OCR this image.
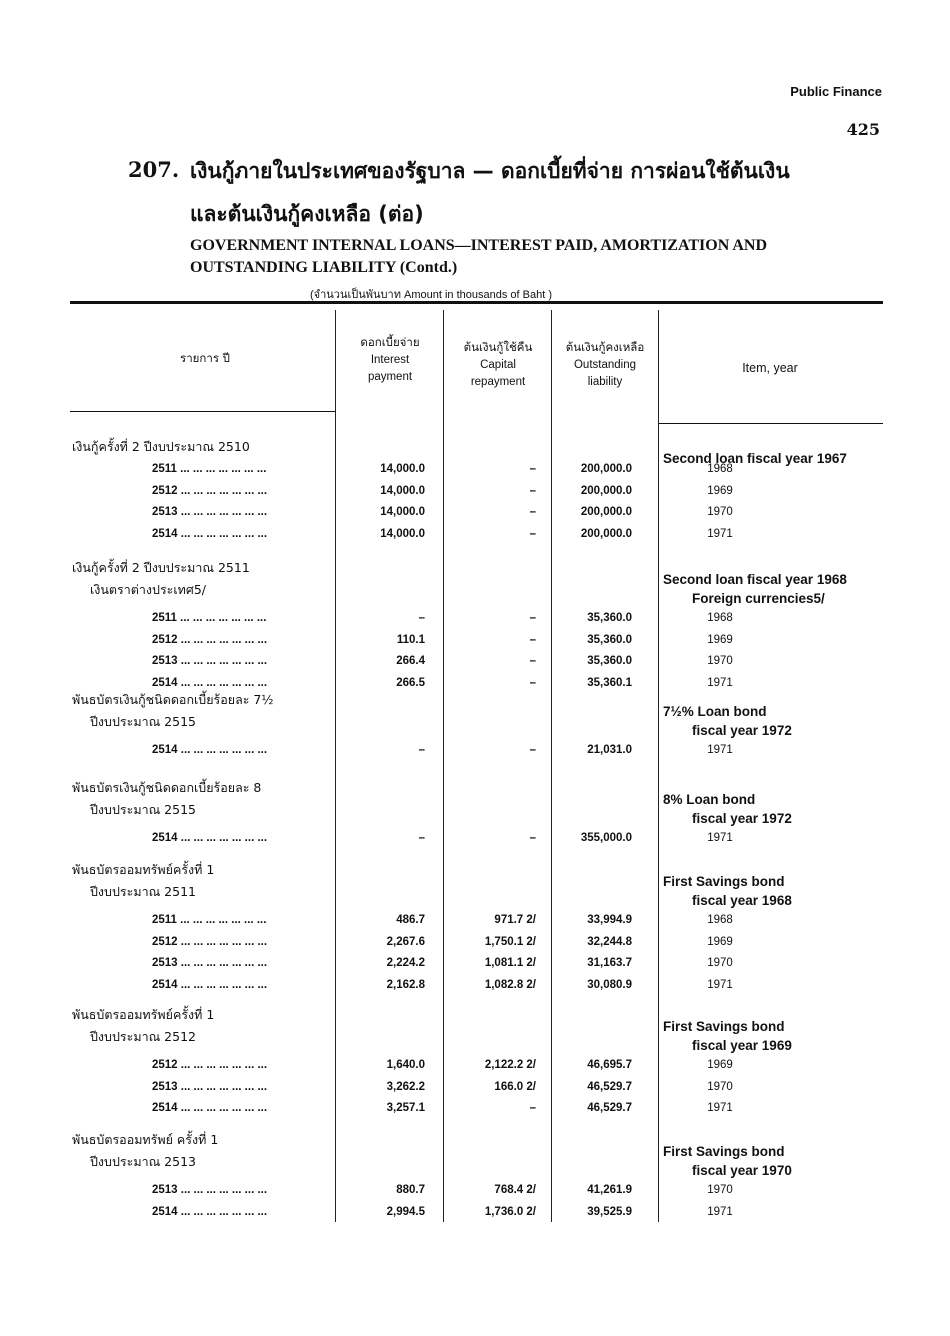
Public Finance
425
207. เงินกู้ภายในประเทศของรัฐบาล — ดอกเบี้ยที่จ่าย การผ่อนใช้ต้นเงิน
และต้นเงินกู้คงเหลือ (ต่อ)
GOVERNMENT INTERNAL LOANS—INTEREST PAID, AMORTIZATION AND OUTSTANDING LIABILITY (Contd.)
(จำนวนเป็นพันบาท Amount in thousands of Baht )
รายการ ปี
ดอกเบี้ยจ่าย
Interest payment
ต้นเงินกู้ใช้คืน
Capital repayment
ต้นเงินกู้คงเหลือ
Outstanding liability
Item, year
เงินกู้ครั้งที่ 2 ปีงบประมาณ 2510
Second loan fiscal year 1967
2511 ... ... ... ... ... ... ...	14,000.0	–	200,000.0	1968
2512 ... ... ... ... ... ... ...	14,000.0	–	200,000.0	1969
2513 ... ... ... ... ... ... ...	14,000.0	–	200,000.0	1970
2514 ... ... ... ... ... ... ...	14,000.0	–	200,000.0	1971
เงินกู้ครั้งที่ 2 ปีงบประมาณ 2511
เงินตราต่างประเทศ5/
Second loan fiscal year 1968
Foreign currencies5/
2511 ... ... ... ... ... ... ...	–	–	35,360.0	1968
2512 ... ... ... ... ... ... ...	110.1	–	35,360.0	1969
2513 ... ... ... ... ... ... ...	266.4	–	35,360.0	1970
2514 ... ... ... ... ... ... ...	266.5	–	35,360.1	1971
พันธบัตรเงินกู้ชนิดดอกเบี้ยร้อยละ 7½
ปีงบประมาณ 2515
7½% Loan bond
fiscal year 1972
2514 ... ... ... ... ... ... ...	–	–	21,031.0	1971
พันธบัตรเงินกู้ชนิดดอกเบี้ยร้อยละ 8
ปีงบประมาณ 2515
8% Loan bond
fiscal year 1972
2514 ... ... ... ... ... ... ...	–	–	355,000.0	1971
พันธบัตรออมทรัพย์ครั้งที่ 1
ปีงบประมาณ 2511
First Savings bond
fiscal year 1968
2511 ... ... ... ... ... ... ...	486.7	971.7 2/	33,994.9	1968
2512 ... ... ... ... ... ... ...	2,267.6	1,750.1 2/	32,244.8	1969
2513 ... ... ... ... ... ... ...	2,224.2	1,081.1 2/	31,163.7	1970
2514 ... ... ... ... ... ... ...	2,162.8	1,082.8 2/	30,080.9	1971
พันธบัตรออมทรัพย์ครั้งที่ 1
ปีงบประมาณ 2512
First Savings bond
fiscal year 1969
2512 ... ... ... ... ... ... ...	1,640.0	2,122.2 2/	46,695.7	1969
2513 ... ... ... ... ... ... ...	3,262.2	166.0 2/	46,529.7	1970
2514 ... ... ... ... ... ... ...	3,257.1	–	46,529.7	1971
พันธบัตรออมทรัพย์ ครั้งที่ 1
ปีงบประมาณ 2513
First Savings bond
fiscal year 1970
2513 ... ... ... ... ... ... ...	880.7	768.4 2/	41,261.9	1970
2514 ... ... ... ... ... ... ...	2,994.5	1,736.0 2/	39,525.9	1971
